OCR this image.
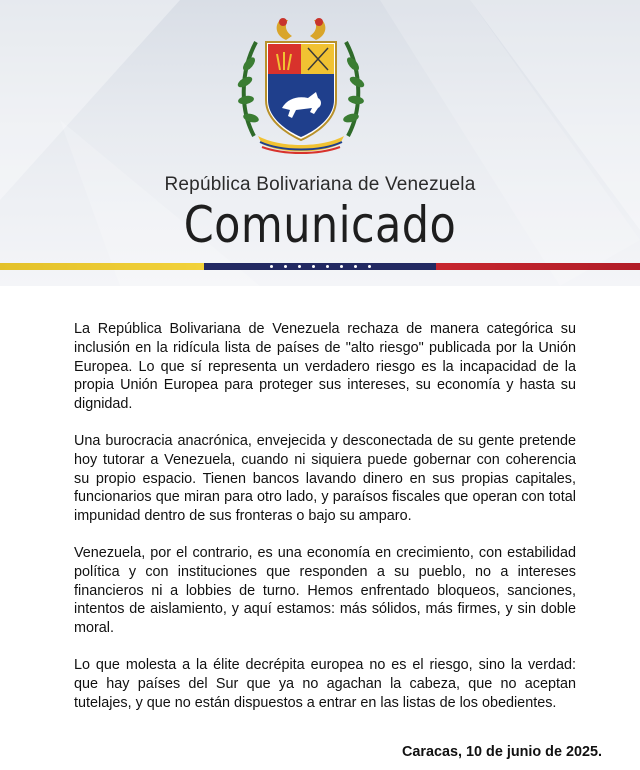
República Bolivariana de Venezuela
Comunicado

La República Bolivariana de Venezuela rechaza de manera categórica su inclusión en la ridícula lista de países de "alto riesgo" publicada por la Unión Europea. Lo que sí representa un verdadero riesgo es la incapacidad de la propia Unión Europea para proteger sus intereses, su economía y hasta su dignidad.

Una burocracia anacrónica, envejecida y desconectada de su gente pretende hoy tutorar a Venezuela, cuando ni siquiera puede gobernar con coherencia su propio espacio. Tienen bancos lavando dinero en sus propias capitales, funcionarios que miran para otro lado, y paraísos fiscales que operan con total impunidad dentro de sus fronteras o bajo su amparo.

Venezuela, por el contrario, es una economía en crecimiento, con estabilidad política y con instituciones que responden a su pueblo, no a intereses financieros ni a lobbies de turno. Hemos enfrentado bloqueos, sanciones, intentos de aislamiento, y aquí estamos: más sólidos, más firmes, y sin doble moral.

Lo que molesta a la élite decrépita europea no es el riesgo, sino la verdad: que hay países del Sur que ya no agachan la cabeza, que no aceptan tutelajes, y que no están dispuestos a entrar en las listas de los obedientes.

Caracas, 10 de junio de 2025.
